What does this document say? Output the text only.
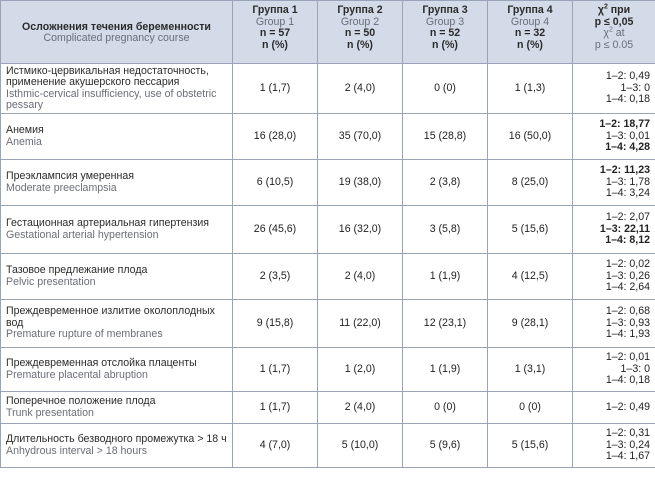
Осложнения течения беременности
Complicated pregnancy course	Группа 1
Group 1
n = 57
n (%)	Группа 2
Group 2
n = 50
n (%)	Группа 3
Group 3
n = 52
n (%)	Группа 4
Group 4
n = 32
n (%)	$\chi^2$ при
p ≤ 0,05
$\chi^2$ at
p ≤ 0.05

Истмико-цервикальная недостаточность, применение акушерского пессария
Isthmic-cervical insufficiency, use of obstetric pessary	1 (1,7)	2 (4,0)	0 (0)	1 (1,3)	1–2: 0,49
1–3: 0
1–4: 0,18

Анемия
Anemia	16 (28,0)	35 (70,0)	15 (28,8)	16 (50,0)	1–2: 18,77
1–3: 0,01
1–4: 4,28

Преэклампсия умеренная
Moderate preeclampsia	6 (10,5)	19 (38,0)	2 (3,8)	8 (25,0)	1–2: 11,23
1–3: 1,78
1–4: 3,24

Гестационная артериальная гипертензия
Gestational arterial hypertension	26 (45,6)	16 (32,0)	3 (5,8)	5 (15,6)	1–2: 2,07
1–3: 22,11
1–4: 8,12

Тазовое предлежание плода
Pelvic presentation	2 (3,5)	2 (4,0)	1 (1,9)	4 (12,5)	1–2: 0,02
1–3: 0,26
1–4: 2,64

Преждевременное излитие околоплодных вод
Premature rupture of membranes	9 (15,8)	11 (22,0)	12 (23,1)	9 (28,1)	1–2: 0,68
1–3: 0,93
1–4: 1,93

Преждевременная отслойка плаценты
Premature placental abruption	1 (1,7)	1 (2,0)	1 (1,9)	1 (3,1)	1–2: 0,01
1–3: 0
1–4: 0,18

Поперечное положение плода
Trunk presentation	1 (1,7)	2 (4,0)	0 (0)	0 (0)	1–2: 0,49

Длительность безводного промежутка > 18 ч
Anhydrous interval > 18 hours	4 (7,0)	5 (10,0)	5 (9,6)	5 (15,6)	1–2: 0,31
1–3: 0,24
1–4: 1,67
